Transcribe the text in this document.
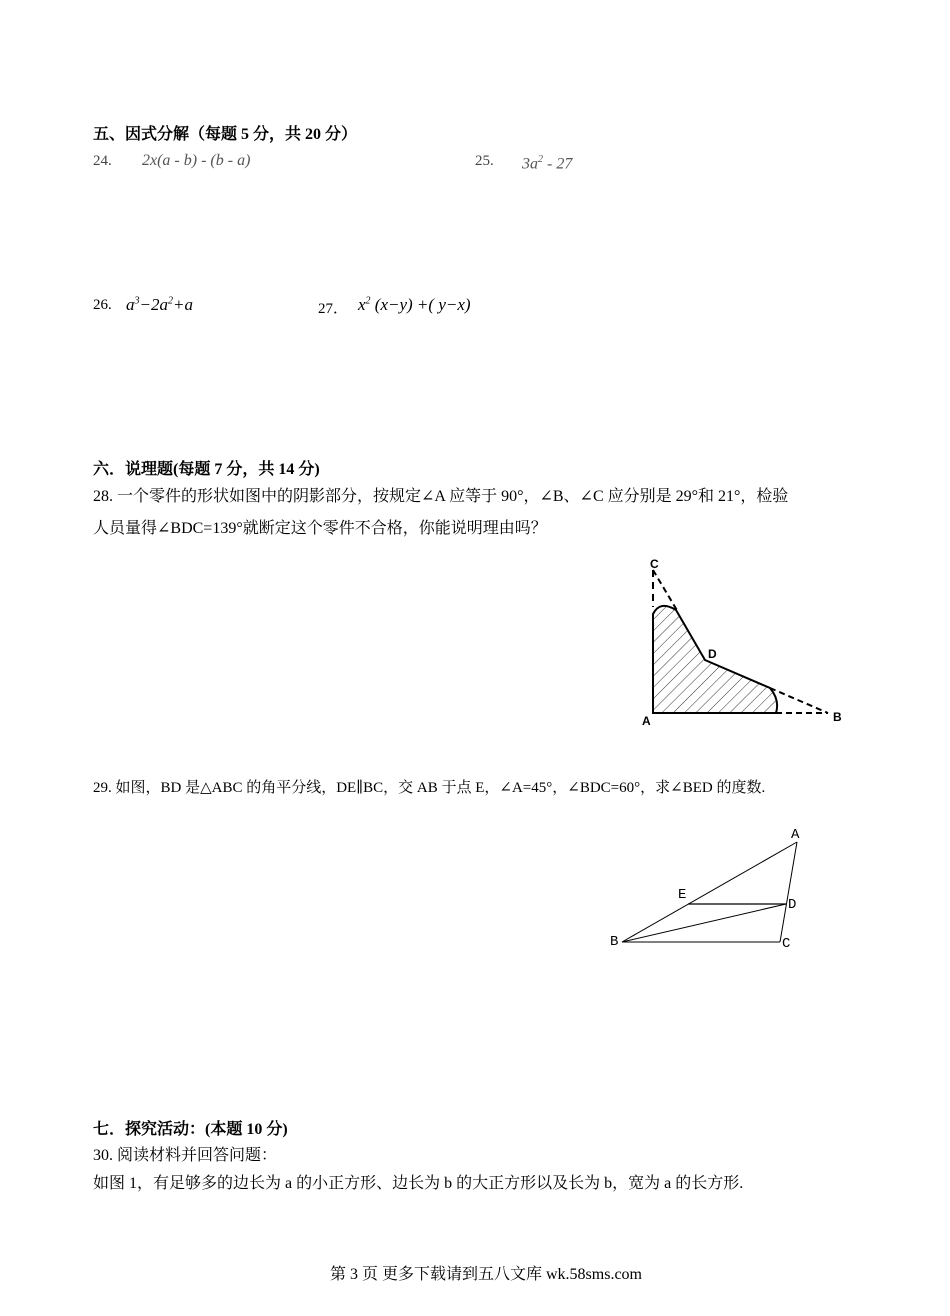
五、因式分解（每题 5 分，共 20 分）
24. 2x(a - b) - (b - a)	25. $3a^2 - 27$
26. $a^3-2a^2+a$	27． $x^2$ (x−y) +( y−x)
六．说理题(每题 7 分，共 14 分)
28. 一个零件的形状如图中的阴影部分，按规定∠A 应等于 90°，∠B、∠C 应分别是 29°和 21°，检验
人员量得∠BDC=139°就断定这个零件不合格，你能说明理由吗？
C
D
A	B
29. 如图，BD 是△ABC 的角平分线，DE∥BC，交 AB 于点 E，∠A=45°，∠BDC=60°，求∠BED 的度数.
A
E
D
B	C
七．探究活动：(本题 10 分)
30. 阅读材料并回答问题：
如图 1，有足够多的边长为 a 的小正方形、边长为 b 的大正方形以及长为 b，宽为 a 的长方形.
第 3 页 更多下载请到五八文库 wk.58sms.com
